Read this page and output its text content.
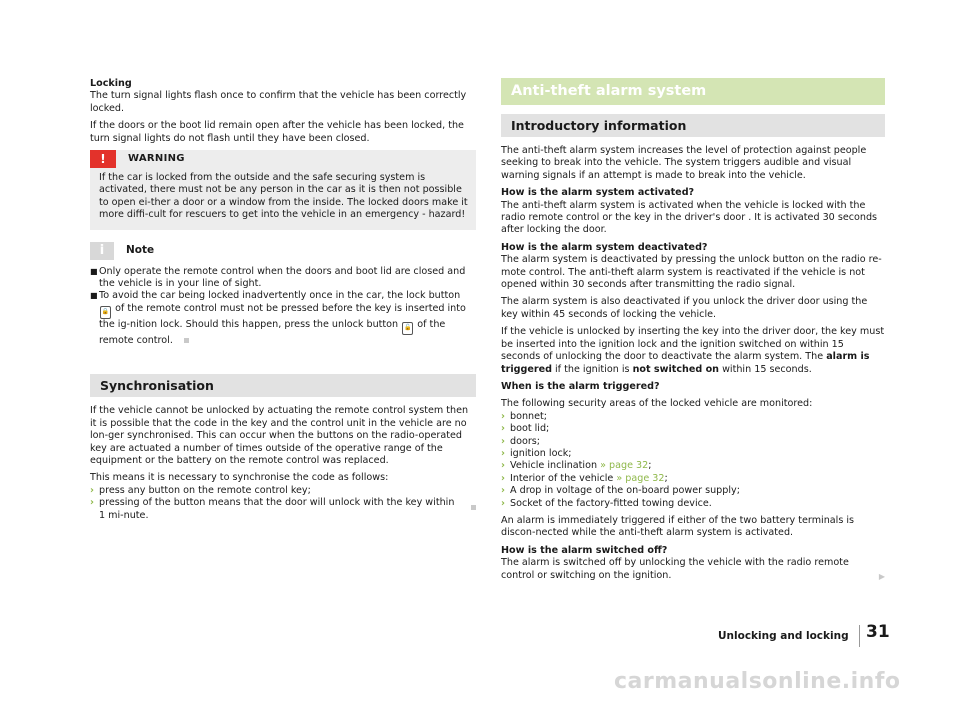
Locking

The turn signal lights flash once to confirm that the vehicle has been correctly locked.

If the doors or the boot lid remain open after the vehicle has been locked, the turn signal lights do not flash until they have been closed.

!	WARNING
If the car is locked from the outside and the safe securing system is activated, there must not be any person in the car as it is then not possible to open ei-ther a door or a window from the inside. The locked doors make it more diffi-cult for rescuers to get into the vehicle in an emergency - hazard!
i	Note
■ Only operate the remote control when the doors and boot lid are closed and the vehicle is in your line of sight.
■ To avoid the car being locked inadvertently once in the car, the lock button 🔒 of the remote control must not be pressed before the key is inserted into the ig-nition lock. Should this happen, press the unlock button 🔓 of the remote control.
Synchronisation

If the vehicle cannot be unlocked by actuating the remote control system then it is possible that the code in the key and the control unit in the vehicle are no lon-ger synchronised. This can occur when the buttons on the radio-operated key are actuated a number of times outside of the operative range of the equipment or the battery on the remote control was replaced.

This means it is necessary to synchronise the code as follows:

› press any button on the remote control key;
› pressing of the button means that the door will unlock with the key within 1 mi-nute.
Anti-theft alarm system
Introductory information

The anti-theft alarm system increases the level of protection against people seeking to break into the vehicle. The system triggers audible and visual warning signals if an attempt is made to break into the vehicle.

How is the alarm system activated?

The anti-theft alarm system is activated when the vehicle is locked with the radio remote control or the key in the driver's door . It is activated 30 seconds after locking the door.

How is the alarm system deactivated?

The alarm system is deactivated by pressing the unlock button on the radio re-mote control. The anti-theft alarm system is reactivated if the vehicle is not opened within 30 seconds after transmitting the radio signal.

The alarm system is also deactivated if you unlock the driver door using the key within 45 seconds of locking the vehicle.

If the vehicle is unlocked by inserting the key into the driver door, the key must be inserted into the ignition lock and the ignition switched on within 15 seconds of unlocking the door to deactivate the alarm system. The alarm is triggered if the ignition is not switched on within 15 seconds.

When is the alarm triggered?

The following security areas of the locked vehicle are monitored:

› bonnet;
› boot lid;
› doors;
› ignition lock;
› Vehicle inclination » page 32;
› Interior of the vehicle » page 32;
› A drop in voltage of the on-board power supply;
› Socket of the factory-fitted towing device.

An alarm is immediately triggered if either of the two battery terminals is discon-nected while the anti-theft alarm system is activated.

How is the alarm switched off?

The alarm is switched off by unlocking the vehicle with the radio remote control or switching on the ignition.	▶
Unlocking and locking 31
carmanualsonline.info
